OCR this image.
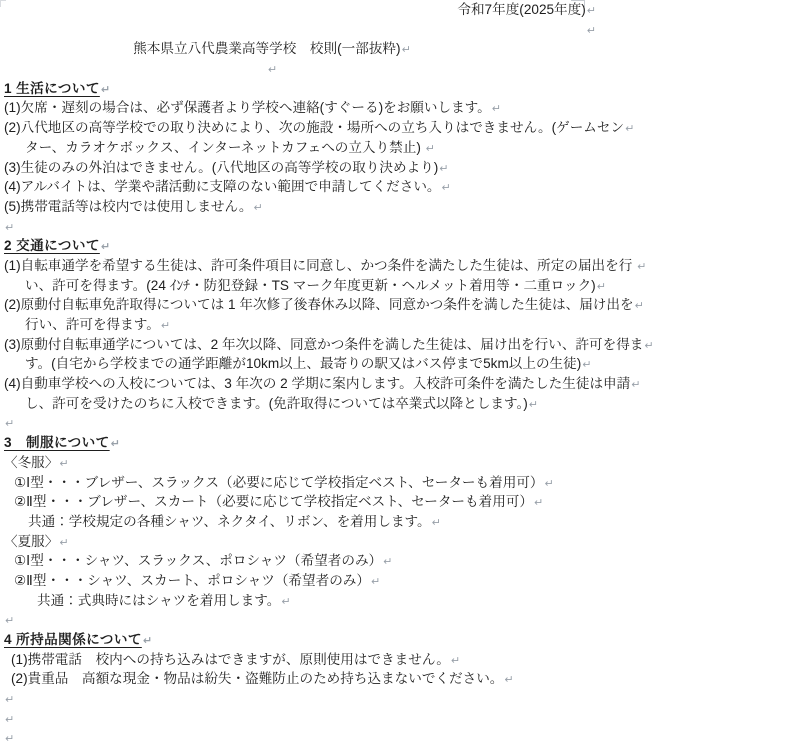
令和7年度(2025年度)↵
↵
熊本県立八代農業高等学校　校則(一部抜粋)↵
↵
1 生活について↵
(1)欠席・遅刻の場合は、必ず保護者より学校へ連絡(すぐーる)をお願いします。↵
(2)八代地区の高等学校での取り決めにより、次の施設・場所への立ち入りはできません。(ゲームセン↵
ター、カラオケボックス、インターネットカフェへの立入り禁止) ↵
(3)生徒のみの外泊はできません。(八代地区の高等学校の取り決めより)↵
(4)アルバイトは、学業や諸活動に支障のない範囲で申請してください。↵
(5)携帯電話等は校内では使用しません。↵
↵
2 交通について↵
(1)自転車通学を希望する生徒は、許可条件項目に同意し、かつ条件を満たした生徒は、所定の届出を行 ↵
い、許可を得ます。(24 ｲﾝﾁ・防犯登録・TS マーク年度更新・ヘルメット着用等・二重ロック)↵
(2)原動付自転車免許取得については 1 年次修了後春休み以降、同意かつ条件を満した生徒は、届け出を↵
行い、許可を得ます。↵
(3)原動付自転車通学については、2 年次以降、同意かつ条件を満した生徒は、届け出を行い、許可を得ま↵
す。(自宅から学校までの通学距離が10km以上、最寄りの駅又はバス停まで5km以上の生徒)↵
(4)自動車学校への入校については、3 年次の 2 学期に案内します。入校許可条件を満たした生徒は申請↵
し、許可を受けたのちに入校できます。(免許取得については卒業式以降とします。)↵
↵
3　制服について↵
〈冬服〉↵
①Ⅰ型・・・ブレザー、スラックス（必要に応じて学校指定ベスト、セーターも着用可）↵
②Ⅱ型・・・ブレザー、スカート（必要に応じて学校指定ベスト、セーターも着用可）↵
共通：学校規定の各種シャツ、ネクタイ、リボン、を着用します。↵
〈夏服〉↵
①Ⅰ型・・・シャツ、スラックス、ポロシャツ（希望者のみ）↵
②Ⅱ型・・・シャツ、スカート、ポロシャツ（希望者のみ）↵
共通：式典時にはシャツを着用します。↵
↵
4 所持品関係について↵
(1)携帯電話　校内への持ち込みはできますが、原則使用はできません。↵
(2)貴重品　高額な現金・物品は紛失・盗難防止のため持ち込まないでください。↵
↵
↵
↵
